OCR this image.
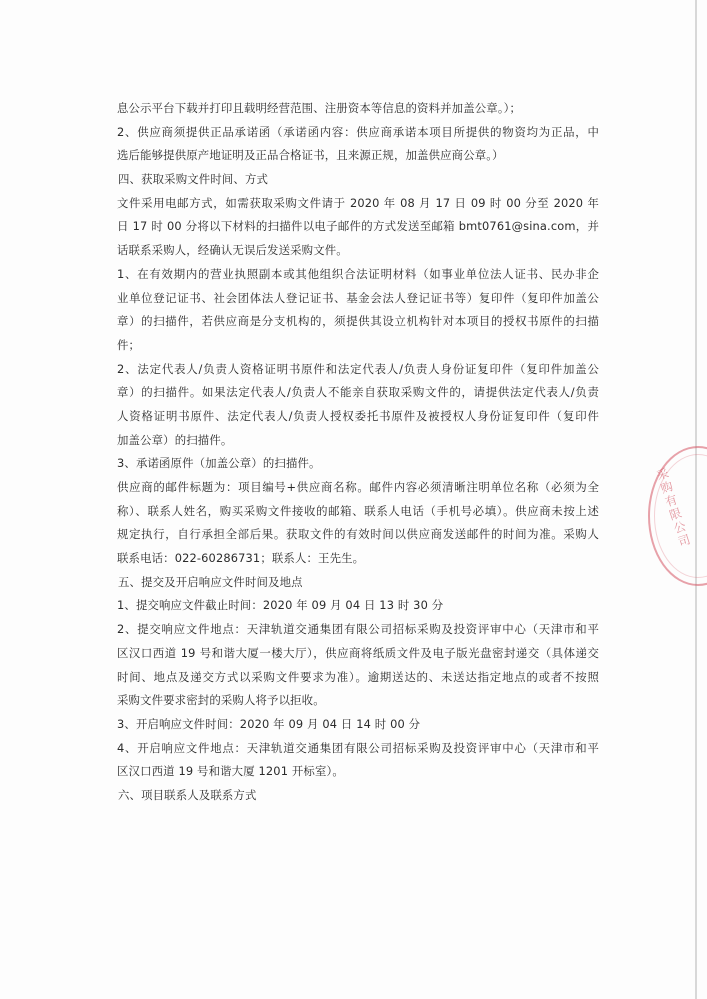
息公示平台下载并打印且载明经营范围、注册资本等信息的资料并加盖公章。）；
2、供应商须提供正品承诺函（承诺函内容：供应商承诺本项目所提供的物资均为正品，中
选后能够提供原产地证明及正品合格证书，且来源正规，加盖供应商公章。）
四、获取采购文件时间、方式
文件采用电邮方式，如需获取采购文件请于 2020 年 08 月 17 日 09 时 00 分至 2020 年
日 17 时 00 分将以下材料的扫描件以电子邮件的方式发送至邮箱 bmt0761@sina.com，并
话联系采购人，经确认无误后发送采购文件。
1、在有效期内的营业执照副本或其他组织合法证明材料（如事业单位法人证书、民办非企
业单位登记证书、社会团体法人登记证书、基金会法人登记证书等）复印件（复印件加盖公
章）的扫描件，若供应商是分支机构的，须提供其设立机构针对本项目的授权书原件的扫描
件；
2、法定代表人/负责人资格证明书原件和法定代表人/负责人身份证复印件（复印件加盖公
章）的扫描件。如果法定代表人/负责人不能亲自获取采购文件的，请提供法定代表人/负责
人资格证明书原件、法定代表人/负责人授权委托书原件及被授权人身份证复印件（复印件
加盖公章）的扫描件。
3、承诺函原件（加盖公章）的扫描件。
供应商的邮件标题为：项目编号+供应商名称。邮件内容必须清晰注明单位名称（必须为全
称）、联系人姓名，购买采购文件接收的邮箱、联系人电话（手机号必填）。供应商未按上述
规定执行，自行承担全部后果。获取文件的有效时间以供应商发送邮件的时间为准。采购人
联系电话：022-60286731；联系人：王先生。
五、提交及开启响应文件时间及地点
1、提交响应文件截止时间：2020 年 09 月 04 日 13 时 30 分
2、提交响应文件地点：天津轨道交通集团有限公司招标采购及投资评审中心（天津市和平
区汉口西道 19 号和谐大厦一楼大厅），供应商将纸质文件及电子版光盘密封递交（具体递交
时间、地点及递交方式以采购文件要求为准）。逾期送达的、未送达指定地点的或者不按照
采购文件要求密封的采购人将予以拒收。
3、开启响应文件时间：2020 年 09 月 04 日 14 时 00 分
4、开启响应文件地点：天津轨道交通集团有限公司招标采购及投资评审中心（天津市和平
区汉口西道 19 号和谐大厦 1201 开标室）。
六、项目联系人及联系方式
采购有限公司
